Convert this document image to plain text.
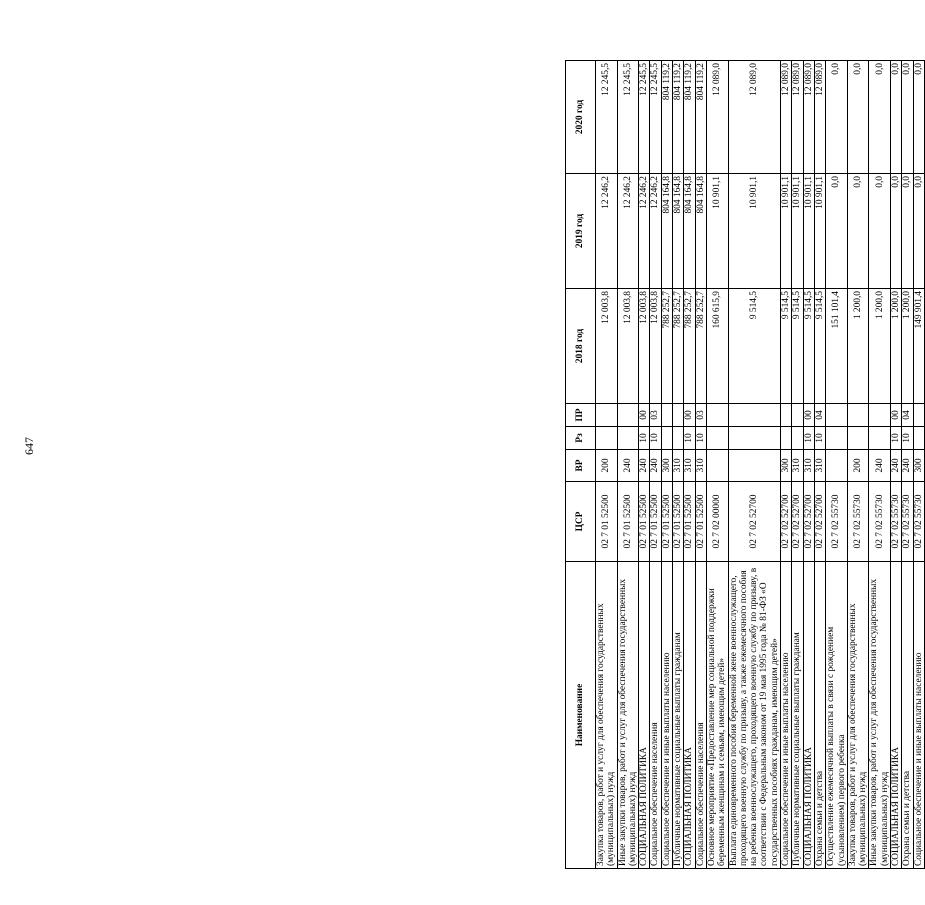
647
Наименование	ЦСР	ВР	Рз	ПР	2018 год	2019 год	2020 год
Закупка товаров, работ и услуг для обеспечения государственных (муниципальных) нужд	02 7 01 52500	200			12 003,8	12 246,2	12 245,5
Иные закупки товаров, работ и услуг для обеспечения государственных (муниципальных) нужд	02 7 01 52500	240			12 003,8	12 246,2	12 245,5
СОЦИАЛЬНАЯ ПОЛИТИКА	02 7 01 52500	240	10	00	12 003,8	12 246,2	12 245,5
Социальное обеспечение населения	02 7 01 52500	240	10	03	12 003,8	12 246,2	12 245,5
Социальное обеспечение и иные выплаты населению	02 7 01 52500	300			788 252,7	804 164,8	804 119,2
Публичные нормативные социальные выплаты гражданам	02 7 01 52500	310			788 252,7	804 164,8	804 119,2
СОЦИАЛЬНАЯ ПОЛИТИКА	02 7 01 52500	310	10	00	788 252,7	804 164,8	804 119,2
Социальное обеспечение населения	02 7 01 52500	310	10	03	788 252,7	804 164,8	804 119,2
Основное мероприятие «Предоставление мер социальной поддержки беременным женщинам и семьям, имеющим детей»	02 7 02 00000				160 615,9	10 901,1	12 089,0
Выплата единовременного пособия беременной жене военнослужащего, проходящего военную службу по призыву, а также ежемесячного пособия на ребенка военнослужащего, проходящего военную службу по призыву, в соответствии с Федеральным законом от 19 мая 1995 года № 81-ФЗ «О государственных пособиях гражданам, имеющим детей»	02 7 02 52700				9 514,5	10 901,1	12 089,0
Социальное обеспечение и иные выплаты населению	02 7 02 52700	300			9 514,5	10 901,1	12 089,0
Публичные нормативные социальные выплаты гражданам	02 7 02 52700	310			9 514,5	10 901,1	12 089,0
СОЦИАЛЬНАЯ ПОЛИТИКА	02 7 02 52700	310	10	00	9 514,5	10 901,1	12 089,0
Охрана семьи и детства	02 7 02 52700	310	10	04	9 514,5	10 901,1	12 089,0
Осуществление ежемесячной выплаты в связи с рождением (усыновлением) первого ребенка	02 7 02 55730				151 101,4	0,0	0,0
Закупка товаров, работ и услуг для обеспечения государственных (муниципальных) нужд	02 7 02 55730	200			1 200,0	0,0	0,0
Иные закупки товаров, работ и услуг для обеспечения государственных (муниципальных) нужд	02 7 02 55730	240			1 200,0	0,0	0,0
СОЦИАЛЬНАЯ ПОЛИТИКА	02 7 02 55730	240	10	00	1 200,0	0,0	0,0
Охрана семьи и детства	02 7 02 55730	240	10	04	1 200,0	0,0	0,0
Социальное обеспечение и иные выплаты населению	02 7 02 55730	300			149 901,4	0,0	0,0
